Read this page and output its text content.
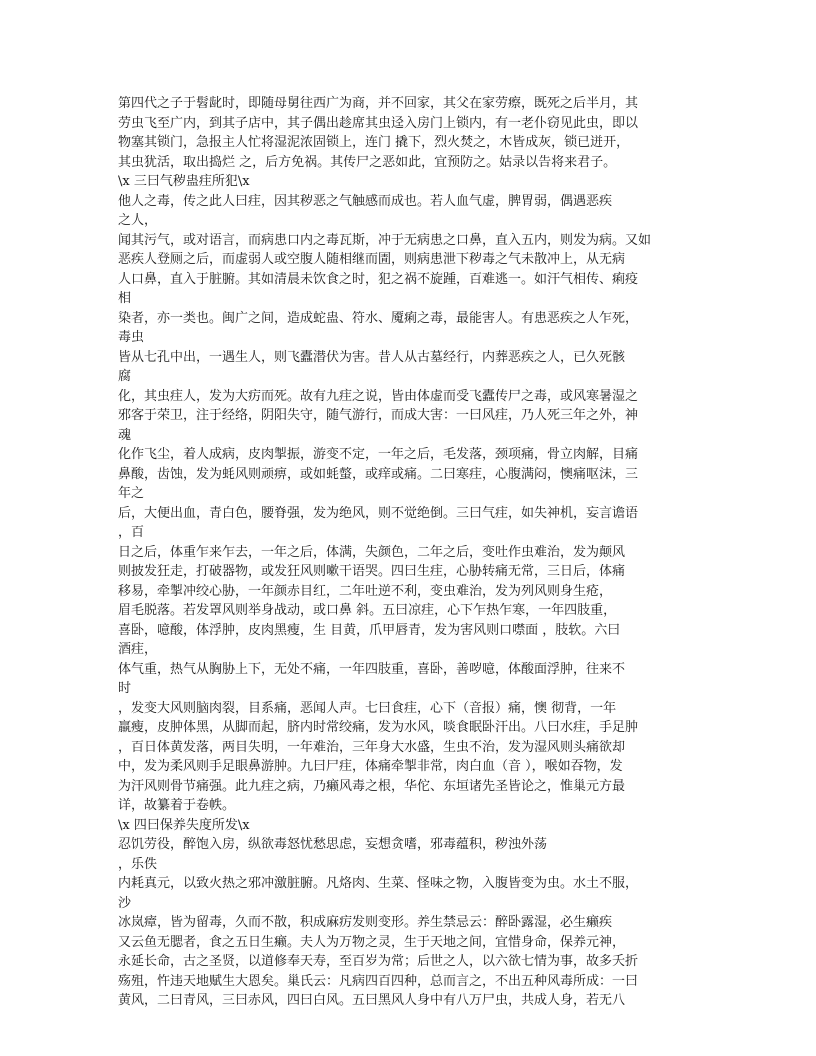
第四代之子于髫龀时，即随母舅往西广为商，并不回家，其父在家劳瘵，既死之后半月，其
劳虫飞至广内，到其子店中，其子偶出趁席其虫迳入房门上锁内，有一老仆窃见此虫，即以
物塞其锁门，急报主人忙将湿泥浓固锁上，连门 撬下，烈火焚之，木皆成灰，锁已迸开，
其虫犹活，取出捣烂 之，后方免祸。其传尸之恶如此，宜预防之。姑录以告将来君子。
\x 三曰气秽蛊疰所犯\x
他人之毒，传之此人曰疰，因其秽恶之气触感而成也。若人血气虚，脾胃弱，偶遇恶疾
之人，
闻其污气，或对语言，而病患口内之毒瓦斯，冲于无病患之口鼻，直入五内，则发为病。又如
恶疾人登厕之后，而虚弱人或空腹人随相继而圊，则病患泄下秽毒之气未散冲上，从无病
人口鼻，直入于脏腑。其如清晨未饮食之时，犯之祸不旋踵，百难逃一。如汗气相传、痢疫
相
染者，亦一类也。闽广之间，造成蛇蛊、符水、魇痢之毒，最能害人。有患恶疾之人乍死，
毒虫
皆从七孔中出，一遇生人，则飞蠹潜伏为害。昔人从古墓经行，内葬恶疾之人，已久死骸
腐
化，其虫疰人，发为大疠而死。故有九疰之说，皆由体虚而受飞蠹传尸之毒，或风寒暑湿之
邪客于荣卫，注于经络，阴阳失守，随气游行，而成大害：一曰风疰，乃人死三年之外，神
魂
化作飞尘，着人成病，皮肉掣振，游变不定，一年之后，毛发落，颈项痛，骨立肉解，目痛
鼻酸，齿蚀，发为蚝风则顽痹，或如蚝螫，或痒或痛。二曰寒疰，心腹满闷，懊痛呕沫，三
年之
后，大便出血，青白色，腰脊强，发为绝风，则不觉绝倒。三曰气疰，如失神机，妄言谵语
，百
日之后，体重乍来乍去，一年之后，体满，失颜色，二年之后，变吐作虫难治，发为颠风
则披发狂走，打破器物，或发狂风则嗽干语哭。四曰生疰，心胁转痛无常，三日后，体痛
移易，牵掣冲绞心胁，一年颜赤目红，二年吐逆不利，变虫难治，发为列风则身生疮，
眉毛脱落。若发罩风则举身战动，或口鼻 斜。五曰凉疰，心下乍热乍寒，一年四肢重，
喜卧，噫酸，体浮肿，皮肉黑瘦，生 目黄，爪甲唇青，发为害风则口噤面 ，肢软。六曰
酒疰，
体气重，热气从胸胁上下，无处不痛，一年四肢重，喜卧，善哕噫，体酸面浮肿，往来不
时
，发变大风则脑肉裂，目系痛，恶闻人声。七曰食疰，心下（音报）痛，懊 彻背，一年
羸瘦，皮肿体黑，从脚而起，脐内时常绞痛，发为水风，啖食眠卧汗出。八曰水疰，手足肿
，百日体黄发落，两目失明，一年难治，三年身大水盛，生虫不治，发为湿风则头痛欲却
中，发为柔风则手足眼鼻游肿。九曰尸疰，体痛牵掣非常，肉白血（音 ），喉如吞物，发
为汗风则骨节痛强。此九疰之病，乃癞风毒之根，华佗、东垣诸先圣皆论之，惟巢元方最
详，故纂着于卷帙。
\x 四曰保养失度所发\x
忍饥劳役，醉饱入房，纵欲毒怒忧愁思虑，妄想贪嗜，邪毒蕴积，秽浊外荡
，乐佚
内耗真元，以致火热之邪冲激脏腑。凡烙肉、生菜、怪味之物，入腹皆变为虫。水土不服，
沙
冰岚瘴，皆为留毒，久而不散，积成麻疠发则变形。养生禁忌云：醉卧露湿，必生癞疾
又云鱼无腮者，食之五日生癞。夫人为万物之灵，生于天地之间，宜惜身命，保养元神，
永延长命，古之圣贤，以道修奉天寿，至百岁为常；后世之人，以六欲七情为事，故多夭折
殇殂，忤违天地赋生大恩矣。巢氏云：凡病四百四种，总而言之，不出五种风毒所成：一曰
黄风，二曰青风，三曰赤风，四曰白风。五曰黑风人身中有八万尸虫，共成人身，若无八
